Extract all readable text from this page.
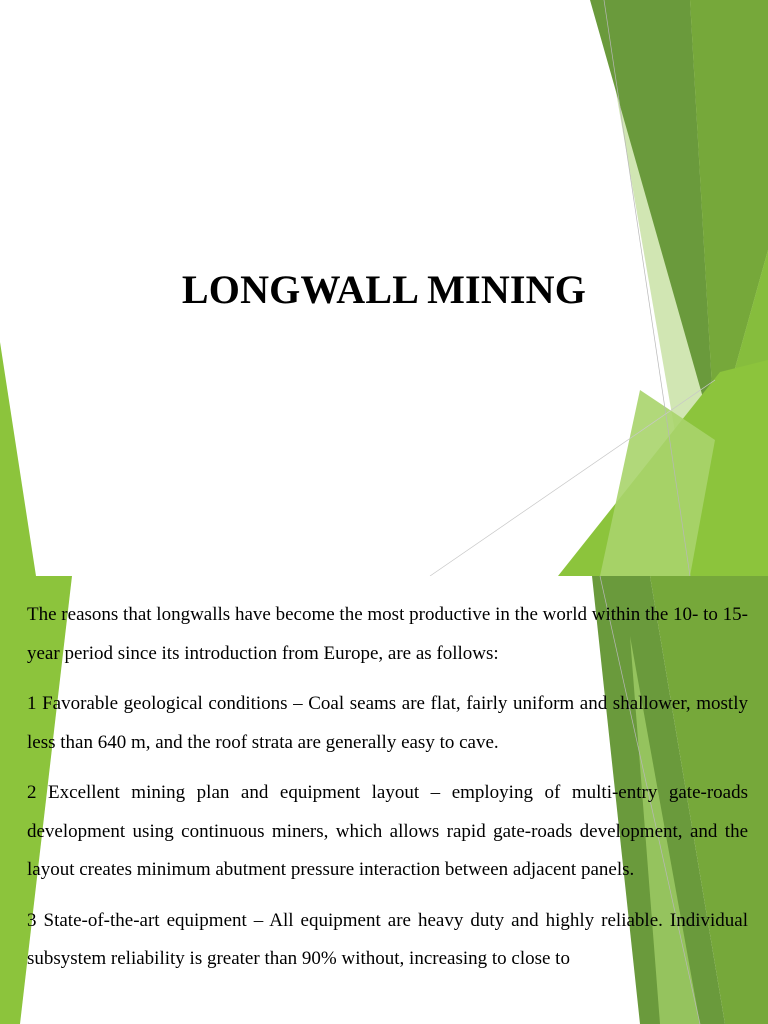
LONGWALL MINING

The reasons that longwalls have become the most productive in the world within the 10- to 15-year period since its introduction from Europe, are as follows:

1 Favorable geological conditions – Coal seams are flat, fairly uniform and shallower, mostly less than 640 m, and the roof strata are generally easy to cave.

2 Excellent mining plan and equipment layout – employing of multi-entry gate-roads development using continuous miners, which allows rapid gate-roads development, and the layout creates minimum abutment pressure interaction between adjacent panels.

3 State-of-the-art equipment – All equipment are heavy duty and highly reliable. Individual subsystem reliability is greater than 90% without, increasing to close to
